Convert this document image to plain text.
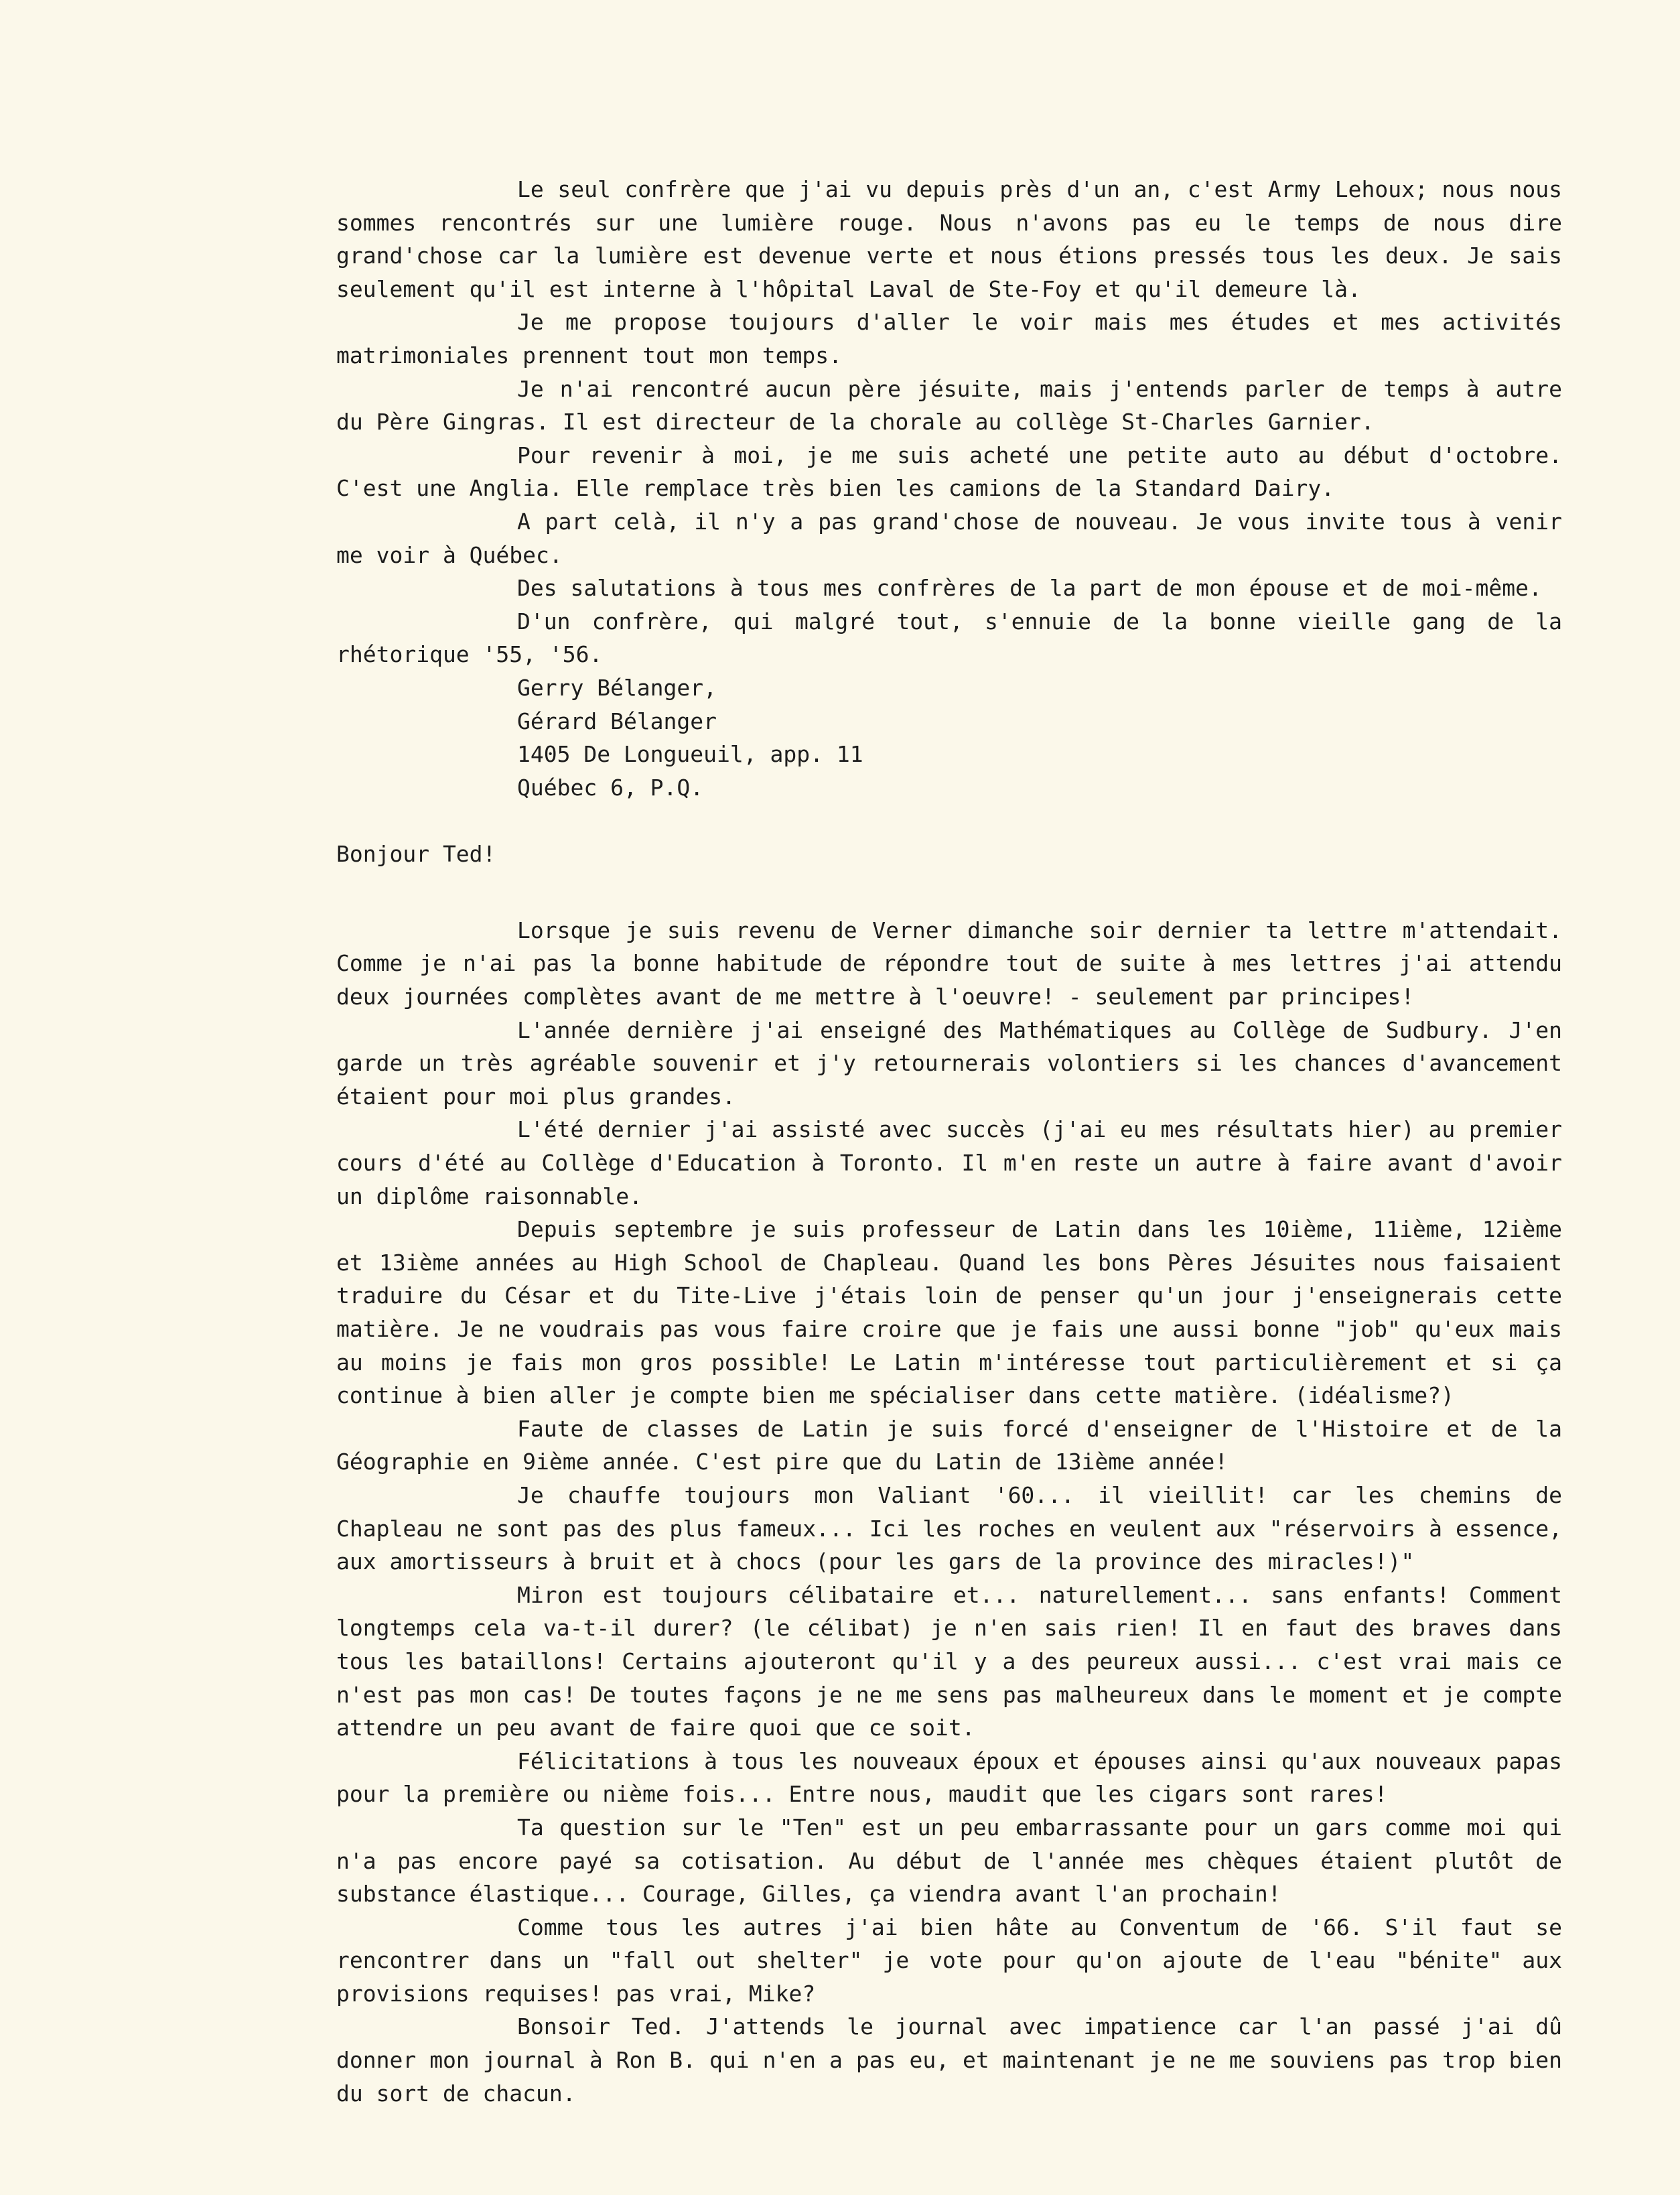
Le seul confrère que j'ai vu depuis près d'un an, c'est Army Lehoux; nous nous sommes rencontrés sur une lumière rouge. Nous n'avons pas eu le temps de nous dire grand'chose car la lumière est devenue verte et nous étions pressés tous les deux. Je sais seulement qu'il est interne à l'hôpital Laval de Ste-Foy et qu'il demeure là.

Je me propose toujours d'aller le voir mais mes études et mes activités matrimoniales prennent tout mon temps.

Je n'ai rencontré aucun père jésuite, mais j'entends parler de temps à autre du Père Gingras. Il est directeur de la chorale au collège St-Charles Garnier.

Pour revenir à moi, je me suis acheté une petite auto au début d'octobre. C'est une Anglia. Elle remplace très bien les camions de la Standard Dairy.

A part celà, il n'y a pas grand'chose de nouveau. Je vous invite tous à venir me voir à Québec.

Des salutations à tous mes confrères de la part de mon épouse et de moi-même.

D'un confrère, qui malgré tout, s'ennuie de la bonne vieille gang de la rhétorique '55, '56.

Gerry Bélanger,

Gérard Bélanger

1405 De Longueuil, app. 11

Québec 6, P.Q.

Bonjour Ted!

Lorsque je suis revenu de Verner dimanche soir dernier ta lettre m'attendait. Comme je n'ai pas la bonne habitude de répondre tout de suite à mes lettres j'ai attendu deux journées complètes avant de me mettre à l'oeuvre! - seulement par principes!

L'année dernière j'ai enseigné des Mathématiques au Collège de Sudbury. J'en garde un très agréable souvenir et j'y retournerais volontiers si les chances d'avancement étaient pour moi plus grandes.

L'été dernier j'ai assisté avec succès (j'ai eu mes résultats hier) au premier cours d'été au Collège d'Education à Toronto. Il m'en reste un autre à faire avant d'avoir un diplôme raisonnable.

Depuis septembre je suis professeur de Latin dans les 10ième, 11ième, 12ième et 13ième années au High School de Chapleau. Quand les bons Pères Jésuites nous faisaient traduire du César et du Tite-Live j'étais loin de penser qu'un jour j'enseignerais cette matière. Je ne voudrais pas vous faire croire que je fais une aussi bonne "job" qu'eux mais au moins je fais mon gros possible! Le Latin m'intéresse tout particulièrement et si ça continue à bien aller je compte bien me spécialiser dans cette matière. (idéalisme?)

Faute de classes de Latin je suis forcé d'enseigner de l'Histoire et de la Géographie en 9ième année. C'est pire que du Latin de 13ième année!

Je chauffe toujours mon Valiant '60... il vieillit! car les chemins de Chapleau ne sont pas des plus fameux... Ici les roches en veulent aux "réservoirs à essence, aux amortisseurs à bruit et à chocs (pour les gars de la province des miracles!)"

Miron est toujours célibataire et... naturellement... sans enfants! Comment longtemps cela va-t-il durer? (le célibat) je n'en sais rien! Il en faut des braves dans tous les bataillons! Certains ajouteront qu'il y a des peureux aussi... c'est vrai mais ce n'est pas mon cas! De toutes façons je ne me sens pas malheureux dans le moment et je compte attendre un peu avant de faire quoi que ce soit.

Félicitations à tous les nouveaux époux et épouses ainsi qu'aux nouveaux papas pour la première ou nième fois... Entre nous, maudit que les cigars sont rares!

Ta question sur le "Ten" est un peu embarrassante pour un gars comme moi qui n'a pas encore payé sa cotisation. Au début de l'année mes chèques étaient plutôt de substance élastique... Courage, Gilles, ça viendra avant l'an prochain!

Comme tous les autres j'ai bien hâte au Conventum de '66. S'il faut se rencontrer dans un "fall out shelter" je vote pour qu'on ajoute de l'eau "bénite" aux provisions requises! pas vrai, Mike?

Bonsoir Ted. J'attends le journal avec impatience car l'an passé j'ai dû donner mon journal à Ron B. qui n'en a pas eu, et maintenant je ne me souviens pas trop bien du sort de chacun.
